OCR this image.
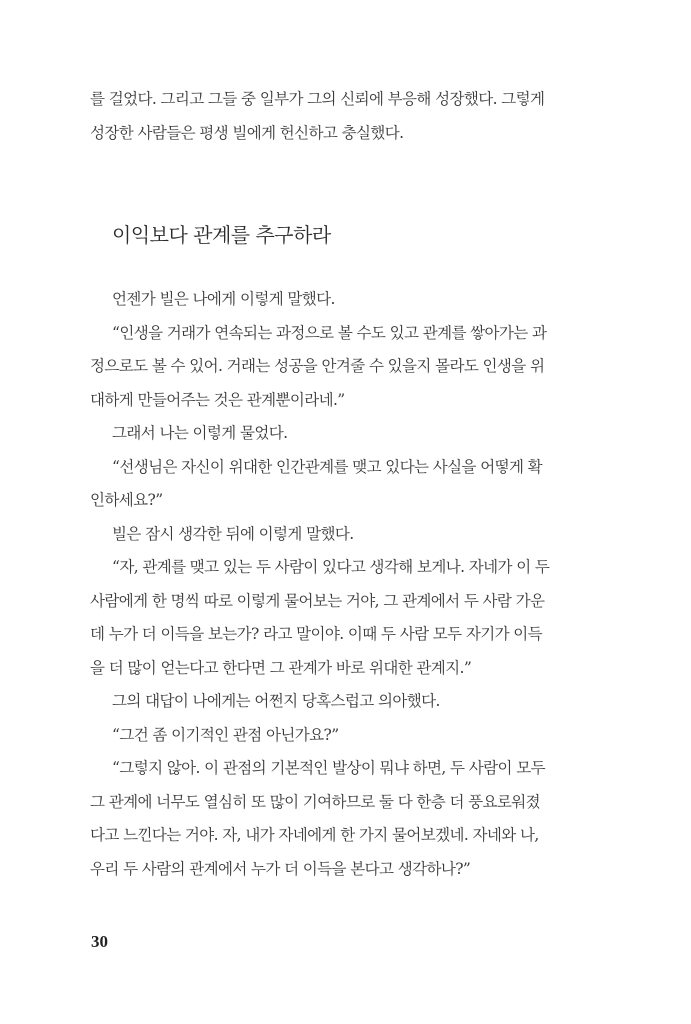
를 걸었다. 그리고 그들 중 일부가 그의 신뢰에 부응해 성장했다. 그렇게
성장한 사람들은 평생 빌에게 헌신하고 충실했다.
이익보다 관계를 추구하라
언젠가 빌은 나에게 이렇게 말했다.
“인생을 거래가 연속되는 과정으로 볼 수도 있고 관계를 쌓아가는 과
정으로도 볼 수 있어. 거래는 성공을 안겨줄 수 있을지 몰라도 인생을 위
대하게 만들어주는 것은 관계뿐이라네.”
그래서 나는 이렇게 물었다.
“선생님은 자신이 위대한 인간관계를 맺고 있다는 사실을 어떻게 확
인하세요?”
빌은 잠시 생각한 뒤에 이렇게 말했다.
“자, 관계를 맺고 있는 두 사람이 있다고 생각해 보게나. 자네가 이 두
사람에게 한 명씩 따로 이렇게 물어보는 거야, 그 관계에서 두 사람 가운
데 누가 더 이득을 보는가? 라고 말이야. 이때 두 사람 모두 자기가 이득
을 더 많이 얻는다고 한다면 그 관계가 바로 위대한 관계지.”
그의 대답이 나에게는 어쩐지 당혹스럽고 의아했다.
“그건 좀 이기적인 관점 아닌가요?”
“그렇지 않아. 이 관점의 기본적인 발상이 뭐냐 하면, 두 사람이 모두
그 관계에 너무도 열심히 또 많이 기여하므로 둘 다 한층 더 풍요로워졌
다고 느낀다는 거야. 자, 내가 자네에게 한 가지 물어보겠네. 자네와 나,
우리 두 사람의 관계에서 누가 더 이득을 본다고 생각하나?”
30
